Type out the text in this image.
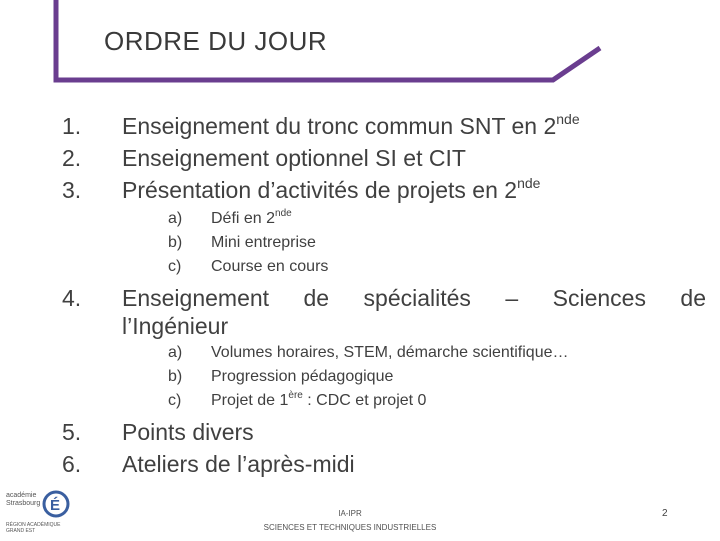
ORDRE DU JOUR
1.	Enseignement du tronc commun SNT en 2nde
2.	Enseignement optionnel SI et CIT
3.	Présentation d’activités de projets en 2nde
a)	Défi en 2nde
b)	Mini entreprise
c)	Course en cours
4.	Enseignement de spécialités – Sciences de
l’Ingénieur
a)	Volumes horaires, STEM, démarche scientifique…
b)	Progression pédagogique
c)	Projet de 1ère : CDC et projet 0
5.	Points divers
6.	Ateliers de l’après-midi
É
académie
Strasbourg
RÉGION ACADÉMIQUE
GRAND EST
IA-IPR
SCIENCES ET TECHNIQUES INDUSTRIELLES
2
